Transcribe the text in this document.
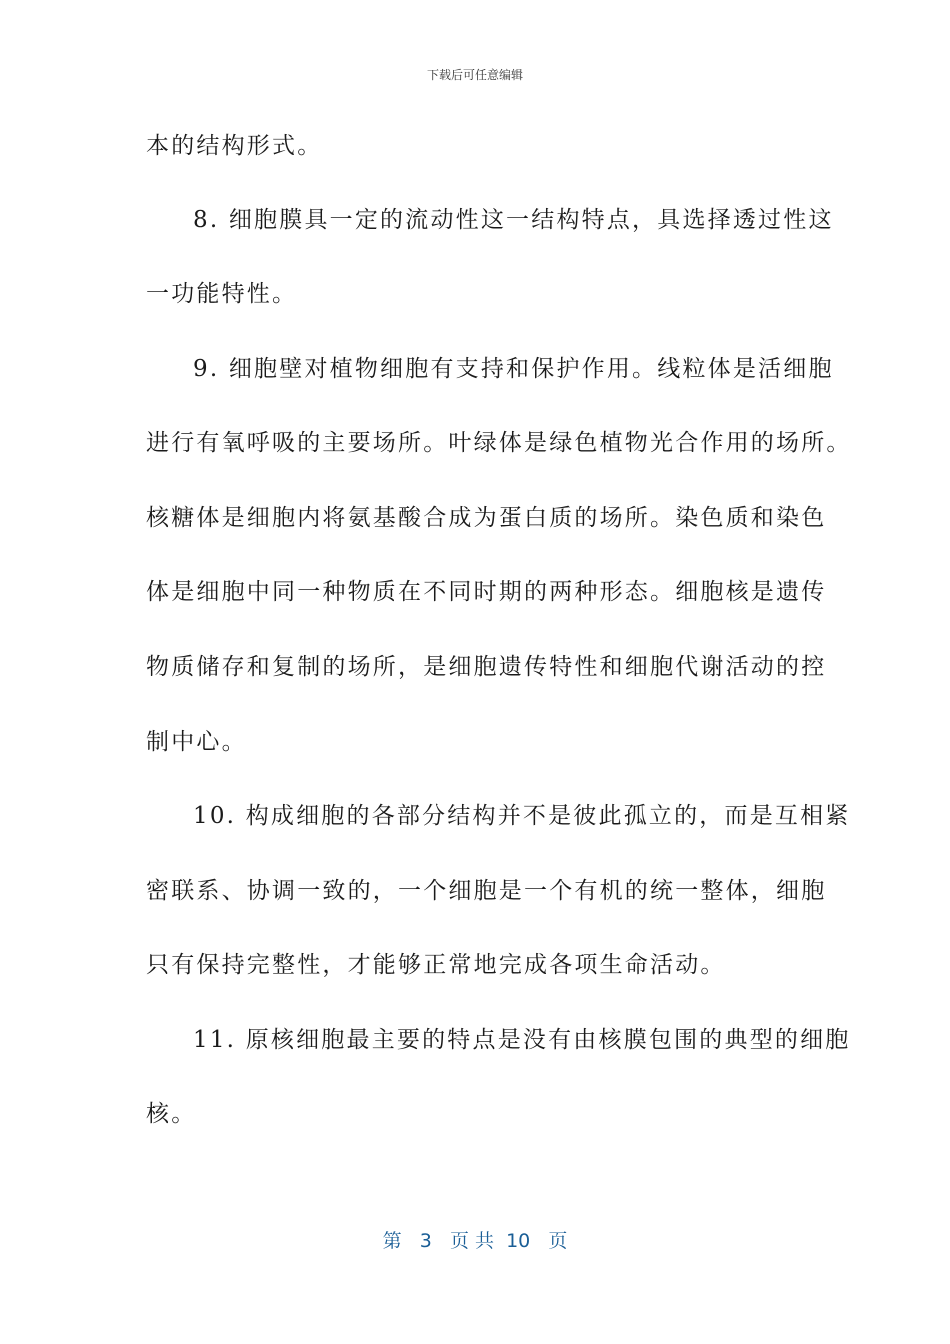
下载后可任意编辑
本的结构形式。
8. 细胞膜具一定的流动性这一结构特点，具选择透过性这
一功能特性。
9. 细胞壁对植物细胞有支持和保护作用。线粒体是活细胞
进行有氧呼吸的主要场所。叶绿体是绿色植物光合作用的场所。
核糖体是细胞内将氨基酸合成为蛋白质的场所。染色质和染色
体是细胞中同一种物质在不同时期的两种形态。细胞核是遗传
物质储存和复制的场所，是细胞遗传特性和细胞代谢活动的控
制中心。
10. 构成细胞的各部分结构并不是彼此孤立的，而是互相紧
密联系、协调一致的，一个细胞是一个有机的统一整体，细胞
只有保持完整性，才能够正常地完成各项生命活动。
11. 原核细胞最主要的特点是没有由核膜包围的典型的细胞
核。
第 3 页 共 10 页
